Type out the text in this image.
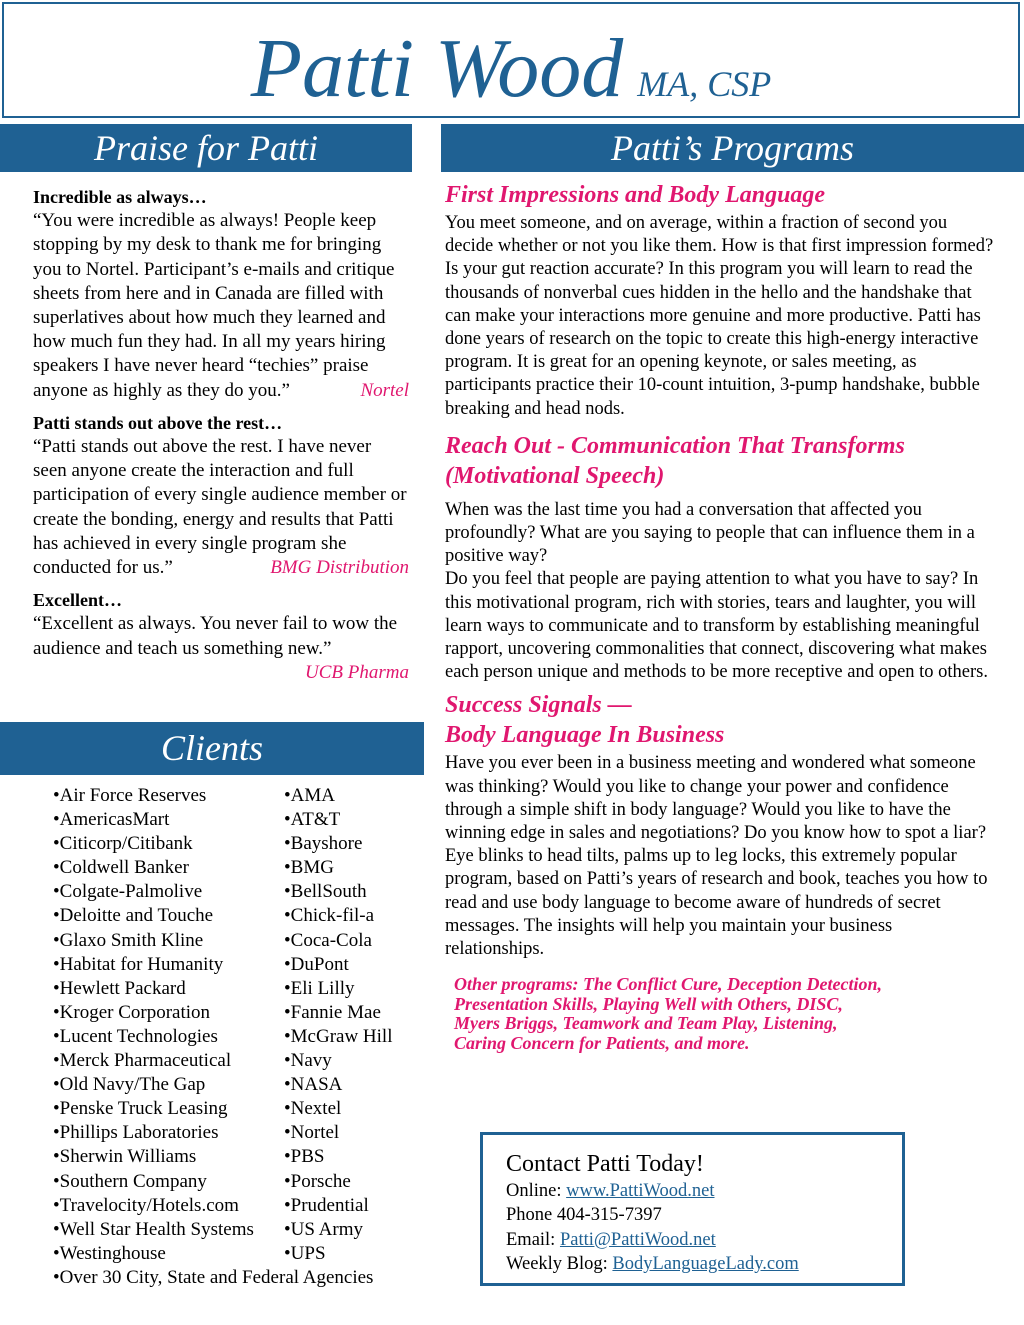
Patti Wood MA, CSP
Praise for Patti	Patti’s Programs
Clients
Incredible as always…
“You were incredible as always! People keep stopping by my desk to thank me for bringing you to Nortel. Participant’s e-mails and critique sheets from here and in Canada are filled with superlatives about how much they learned and how much fun they had. In all my years hiring speakers I have never heard “techies” praise anyone as highly as they do you.”	Nortel
Patti stands out above the rest…
“Patti stands out above the rest. I have never seen anyone create the interaction and full participation of every single audience member or create the bonding, energy and results that Patti has achieved in every single program she conducted for us.”	BMG Distribution
Excellent…
“Excellent as always. You never fail to wow the audience and teach us something new.”
UCB Pharma
First Impressions and Body Language
You meet someone, and on average, within a fraction of second you decide whether or not you like them. How is that first impression formed? Is your gut reaction accurate? In this program you will learn to read the thousands of nonverbal cues hidden in the hello and the handshake that can make your interactions more genuine and more productive. Patti has done years of research on the topic to create this high-energy interactive program. It is great for an opening keynote, or sales meeting, as participants practice their 10-count intuition, 3-pump handshake, bubble breaking and head nods.
Reach Out - Communication That Transforms
(Motivational Speech)
When was the last time you had a conversation that affected you profoundly? What are you saying to people that can influence them in a positive way?
Do you feel that people are paying attention to what you have to say? In this motivational program, rich with stories, tears and laughter, you will learn ways to communicate and to transform by establishing meaningful rapport, uncovering commonalities that connect, discovering what makes each person unique and methods to be more receptive and open to others.
Success Signals —
Body Language In Business
Have you ever been in a business meeting and wondered what someone was thinking? Would you like to change your power and confidence through a simple shift in body language? Would you like to have the winning edge in sales and negotiations? Do you know how to spot a liar? Eye blinks to head tilts, palms up to leg locks, this extremely popular program, based on Patti’s years of research and book, teaches you how to read and use body language to become aware of hundreds of secret messages. The insights will help you maintain your business relationships.
Other programs: The Conflict Cure, Deception Detection,
Presentation Skills, Playing Well with Others, DISC,
Myers Briggs, Teamwork and Team Play, Listening,
Caring Concern for Patients, and more.
•Air Force Reserves
•AmericasMart
•Citicorp/Citibank
•Coldwell Banker
•Colgate-Palmolive
•Deloitte and Touche
•Glaxo Smith Kline
•Habitat for Humanity
•Hewlett Packard
•Kroger Corporation
•Lucent Technologies
•Merck Pharmaceutical
•Old Navy/The Gap
•Penske Truck Leasing
•Phillips Laboratories
•Sherwin Williams
•Southern Company
•Travelocity/Hotels.com
•Well Star Health Systems
•Westinghouse
•AMA
•AT&T
•Bayshore
•BMG
•BellSouth
•Chick-fil-a
•Coca-Cola
•DuPont
•Eli Lilly
•Fannie Mae
•McGraw Hill
•Navy
•NASA
•Nextel
•Nortel
•PBS
•Porsche
•Prudential
•US Army
•UPS
•Over 30 City, State and Federal Agencies
Contact Patti Today!
Online: www.PattiWood.net
Phone 404-315-7397
Email: Patti@PattiWood.net
Weekly Blog: BodyLanguageLady.com
